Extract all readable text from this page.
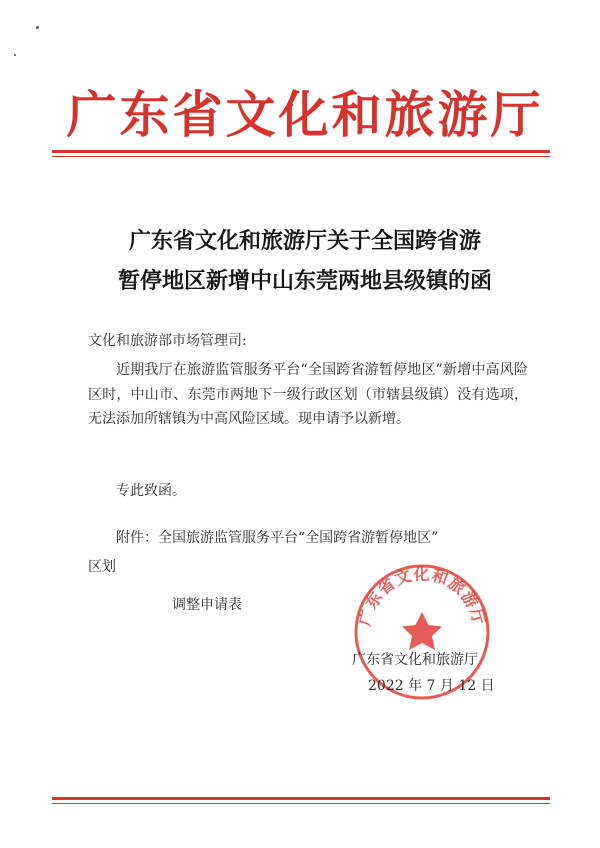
广东省文化和旅游厅
广东省文化和旅游厅关于全国跨省游
暂停地区新增中山东莞两地县级镇的函
文化和旅游部市场管理司:
近期我厅在旅游监管服务平台“全国跨省游暂停地区”新增中高风险区时，中山市、东莞市两地下一级行政区划（市辖县级镇）没有选项，无法添加所辖镇为中高风险区域。现申请予以新增。
专此致函。
附件：全国旅游监管服务平台“全国跨省游暂停地区”
区划
调整申请表
广东省文化和旅游厅
广东省文化和旅游厅
2022 年 7 月 12 日
